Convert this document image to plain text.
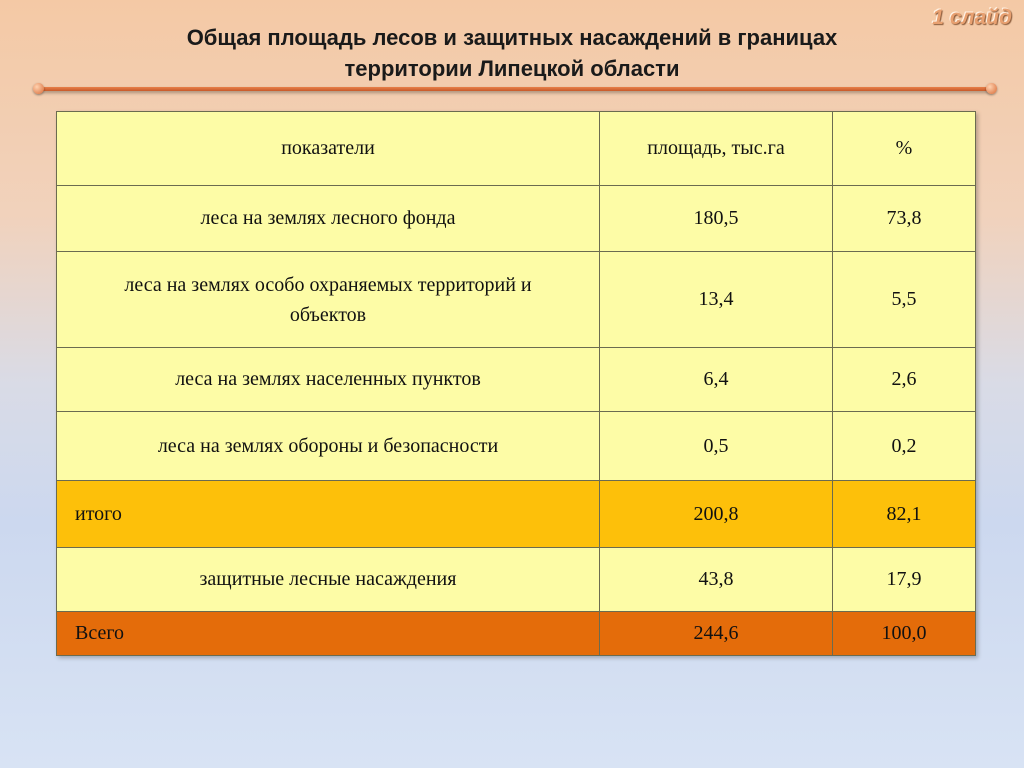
1 слайд
Общая площадь лесов и защитных насаждений в границах территории Липецкой области
показатели	площадь, тыс.га	%
леса на землях лесного фонда	180,5	73,8
леса на землях особо охраняемых территорий и объектов	13,4	5,5
леса на землях населенных пунктов	6,4	2,6
леса на землях обороны и безопасности	0,5	0,2
итого	200,8	82,1
защитные лесные насаждения	43,8	17,9
Всего	244,6	100,0
